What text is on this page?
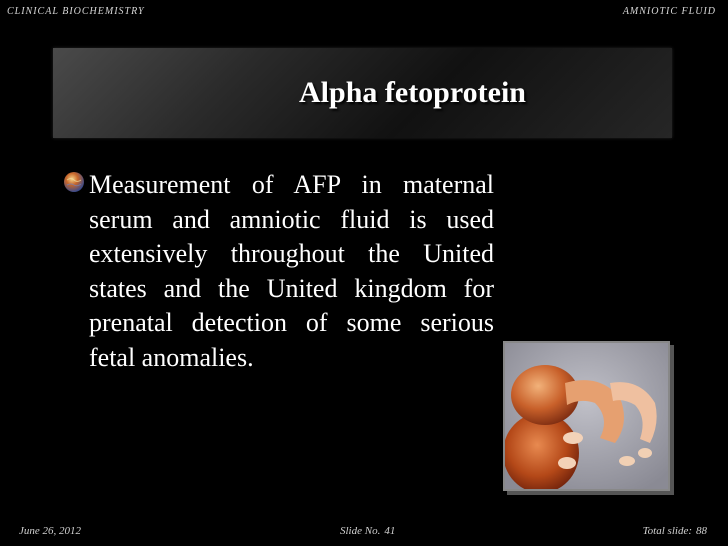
CLINICAL BIOCHEMISTRY	AMNIOTIC FLUID
Alpha fetoprotein

Measurement of AFP in maternal serum and amniotic fluid is used extensively throughout the United states and the United kingdom for prenatal detection of some serious fetal anomalies.

June 26, 2012	Slide No. 41	Total slide: 88
